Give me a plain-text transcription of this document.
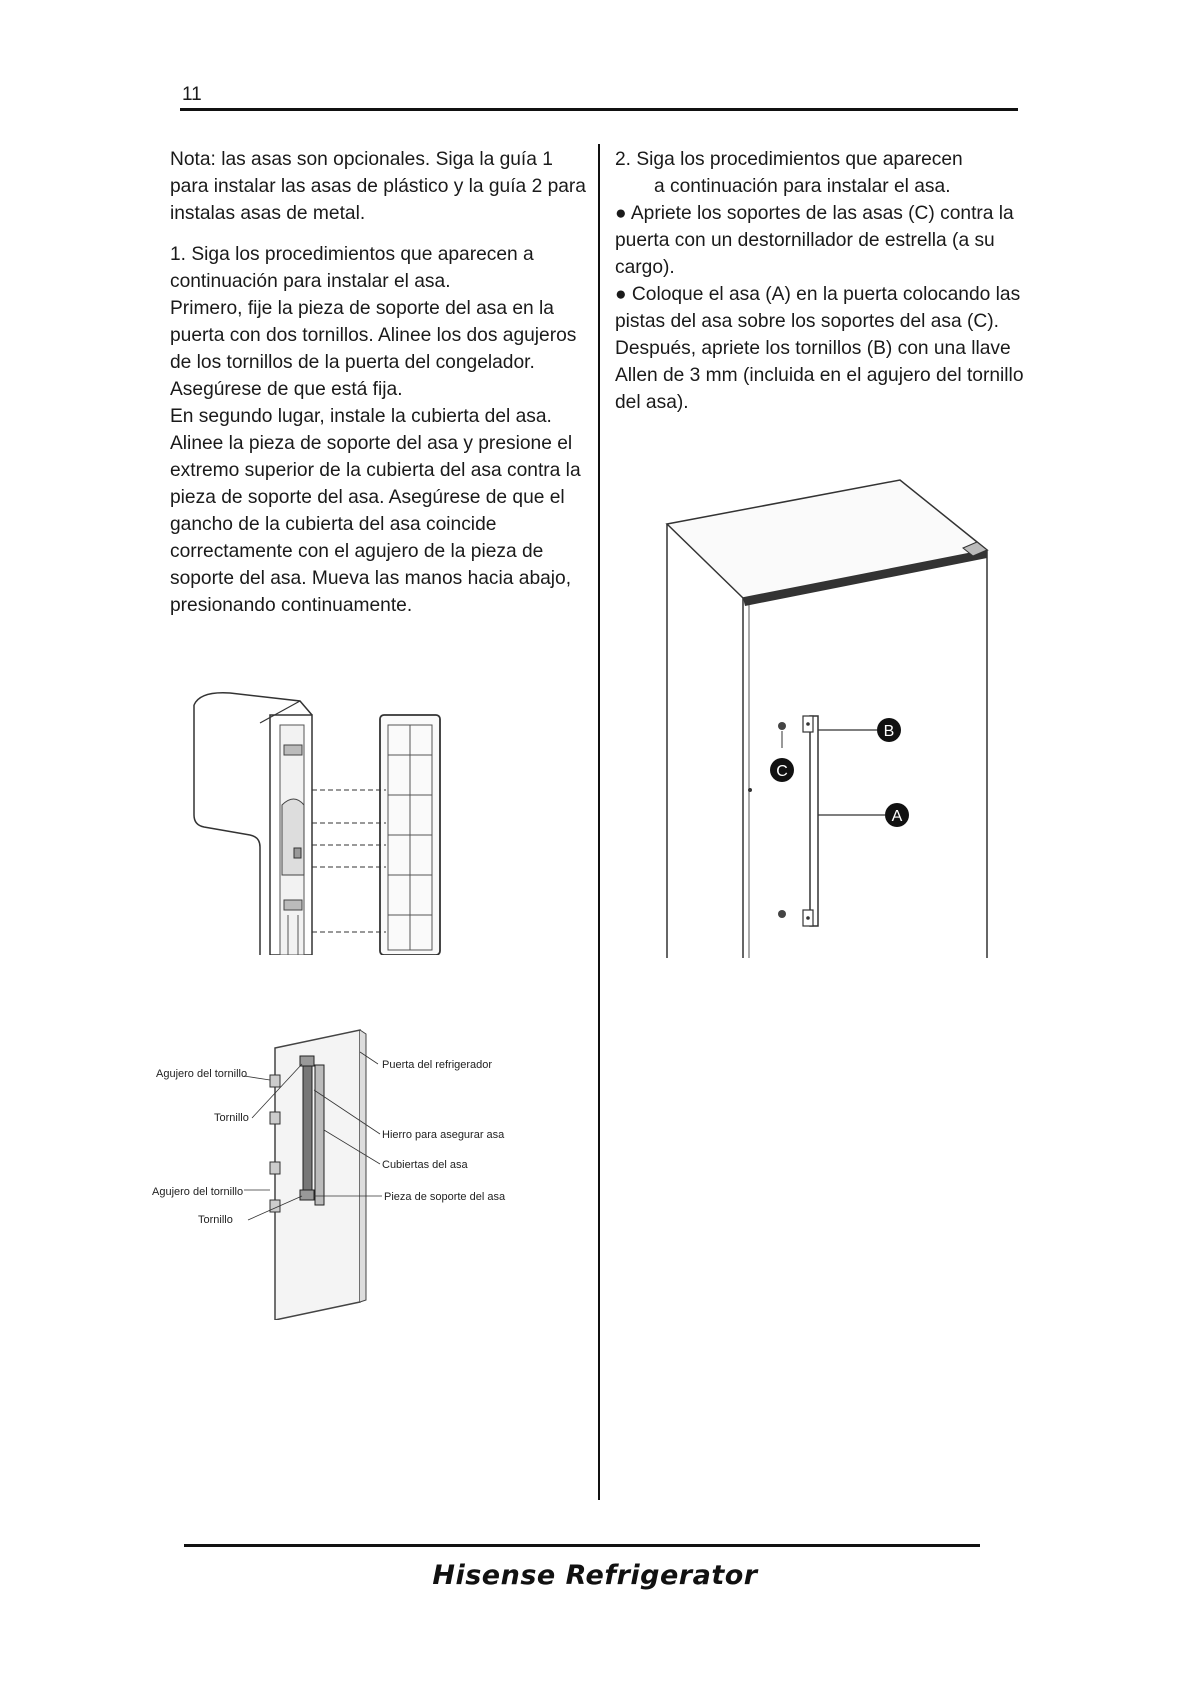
11

Nota: las asas son opcionales. Siga la guía 1 para instalar las asas de plástico y la guía 2 para instalas asas de metal.

1. Siga los procedimientos que aparecen a continuación para instalar el asa.

Primero, fije la pieza de soporte del asa en la puerta con dos tornillos. Alinee los dos agujeros de los tornillos de la puerta del congelador. Asegúrese de que está fija.

En segundo lugar, instale la cubierta del asa. Alinee la pieza de soporte del asa y presione el extremo superior de la cubierta del asa contra la pieza de soporte del asa. Asegúrese de que el gancho de la cubierta del asa coincide correctamente con el agujero de la pieza de soporte del asa. Mueva las manos hacia abajo, presionando continuamente.

Agujero del tornillo
Tornillo
Agujero del tornillo
Tornillo
Puerta del refrigerador
Hierro para asegurar asa
Cubiertas del asa
Pieza de soporte del asa

2. Siga los procedimientos que aparecen

a continuación para instalar el asa.

● Apriete los soportes de las asas (C) contra la puerta con un destornillador de estrella (a su cargo).

● Coloque el asa (A) en la puerta colocando las pistas del asa sobre los soportes del asa (C). Después, apriete los tornillos (B) con una llave Allen de 3 mm (incluida en el agujero del tornillo del asa).

B
A
C
Hisense Refrigerator
